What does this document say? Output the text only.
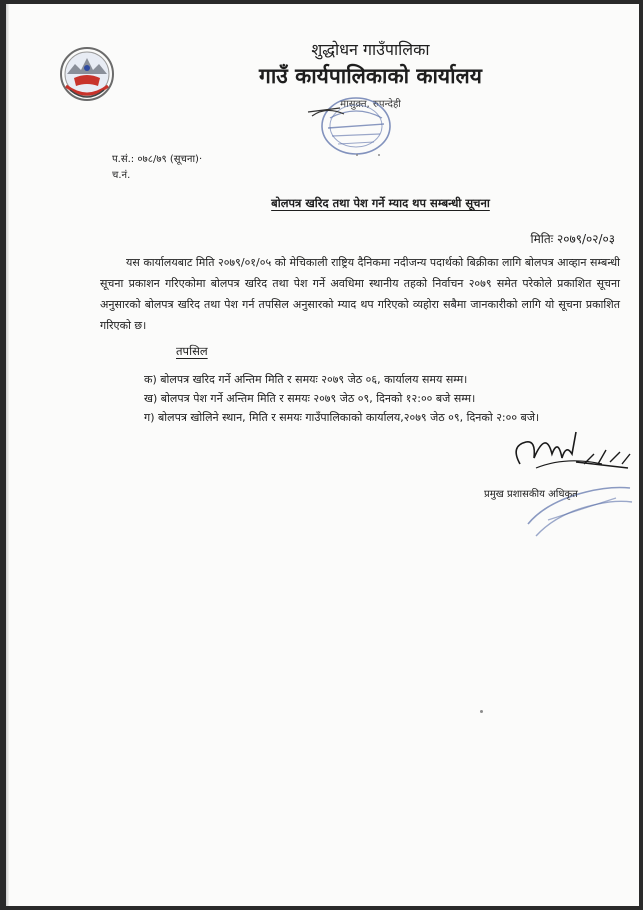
शुद्धोधन गाउँपालिका
गाउँ कार्यपालिकाको कार्यालय
मासुक्र्त, रुपन्देही
प.सं.: ०७८/७९ (सूचना)·
च.नं.
बोलपत्र खरिद तथा पेश गर्ने म्याद थप सम्बन्धी सूचना
मितिः २०७९/०२/०३
यस कार्यालयबाट मिति २०७९/०१/०५ को मेचिकाली राष्ट्रिय दैनिकमा नदीजन्य पदार्थको बिक्रीका लागि बोलपत्र आव्हान सम्बन्धी सूचना प्रकाशन गरिएकोमा बोलपत्र खरिद तथा पेश गर्ने अवधिमा स्थानीय तहको निर्वाचन २०७९ समेत परेकोले प्रकाशित सूचना अनुसारको बोलपत्र खरिद तथा पेश गर्न तपसिल अनुसारको म्याद थप गरिएको व्यहोरा सबैमा जानकारीको लागि यो सूचना प्रकाशित गरिएको छ।
तपसिल
क) बोलपत्र खरिद गर्ने अन्तिम मिति र समयः २०७९ जेठ ०६, कार्यालय समय सम्म।
ख) बोलपत्र पेश गर्ने अन्तिम मिति र समयः २०७९ जेठ ०९, दिनको १२:०० बजे सम्म।
ग) बोलपत्र खोलिने स्थान, मिति र समयः गाउँपालिकाको कार्यालय,२०७९ जेठ ०९, दिनको २:०० बजे।
प्रमुख प्रशासकीय अधिकृत
